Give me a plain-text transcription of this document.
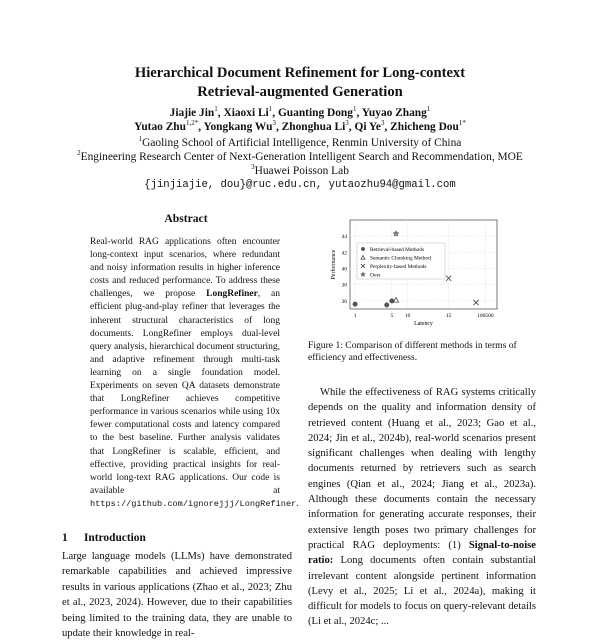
Hierarchical Document Refinement for Long-context
Retrieval-augmented Generation
Jiajie Jin$^1$, Xiaoxi Li$^1$, Guanting Dong$^1$, Yuyao Zhang$^1$
Yutao Zhu$^{1,2*}$, Yongkang Wu$^3$, Zhonghua Li$^3$, Qi Ye$^3$, Zhicheng Dou$^{1*}$
$^1$Gaoling School of Artificial Intelligence, Renmin University of China
$^2$Engineering Research Center of Next-Generation Intelligent Search and Recommendation, MOE
$^3$Huawei Poisson Lab
{jinjiajie, dou}@ruc.edu.cn, yutaozhu94@gmail.com
Abstract
Real-world RAG applications often encounter long-context input scenarios, where redundant and noisy information results in higher inference costs and reduced performance. To address these challenges, we propose LongRefiner, an efficient plug-and-play refiner that leverages the inherent structural characteristics of long documents. LongRefiner employs dual-level query analysis, hierarchical document structuring, and adaptive refinement through multi-task learning on a single foundation model. Experiments on seven QA datasets demonstrate that LongRefiner achieves competitive performance in various scenarios while using 10x fewer computational costs and latency compared to the best baseline. Further analysis validates that LongRefiner is scalable, efficient, and effective, providing practical insights for real-world long-text RAG applications. Our code is available at https://github.com/ignorejjj/LongRefiner.
1 Introduction
Large language models (LLMs) have demonstrated remarkable capabilities and achieved impressive results in various applications (Zhao et al., 2023; Zhu et al., 2023, 2024). However, due to their capabilities being limited to the training data, they are unable to update their knowledge in real-
36
38
40
42
44
1	5 10	15	100500
Latency
Performance	Retrieval-based Methods
Semantic Chunking Method
Perplexity-based Methods
Ours
Figure 1: Comparison of different methods in terms of efficiency and effectiveness.
While the effectiveness of RAG systems critically depends on the quality and information density of retrieved content (Huang et al., 2023; Gao et al., 2024; Jin et al., 2024b), real-world scenarios present significant challenges when dealing with lengthy documents returned by retrievers such as search engines (Qian et al., 2024; Jiang et al., 2023a). Although these documents contain the necessary information for generating accurate responses, their extensive length poses two primary challenges for practical RAG deployments: (1) Signal-to-noise ratio: Long documents often contain substantial irrelevant content alongside pertinent information (Levy et al., 2025; Li et al., 2024a), making it difficult for models to focus on query-relevant details (Li et al., 2024c; ...
